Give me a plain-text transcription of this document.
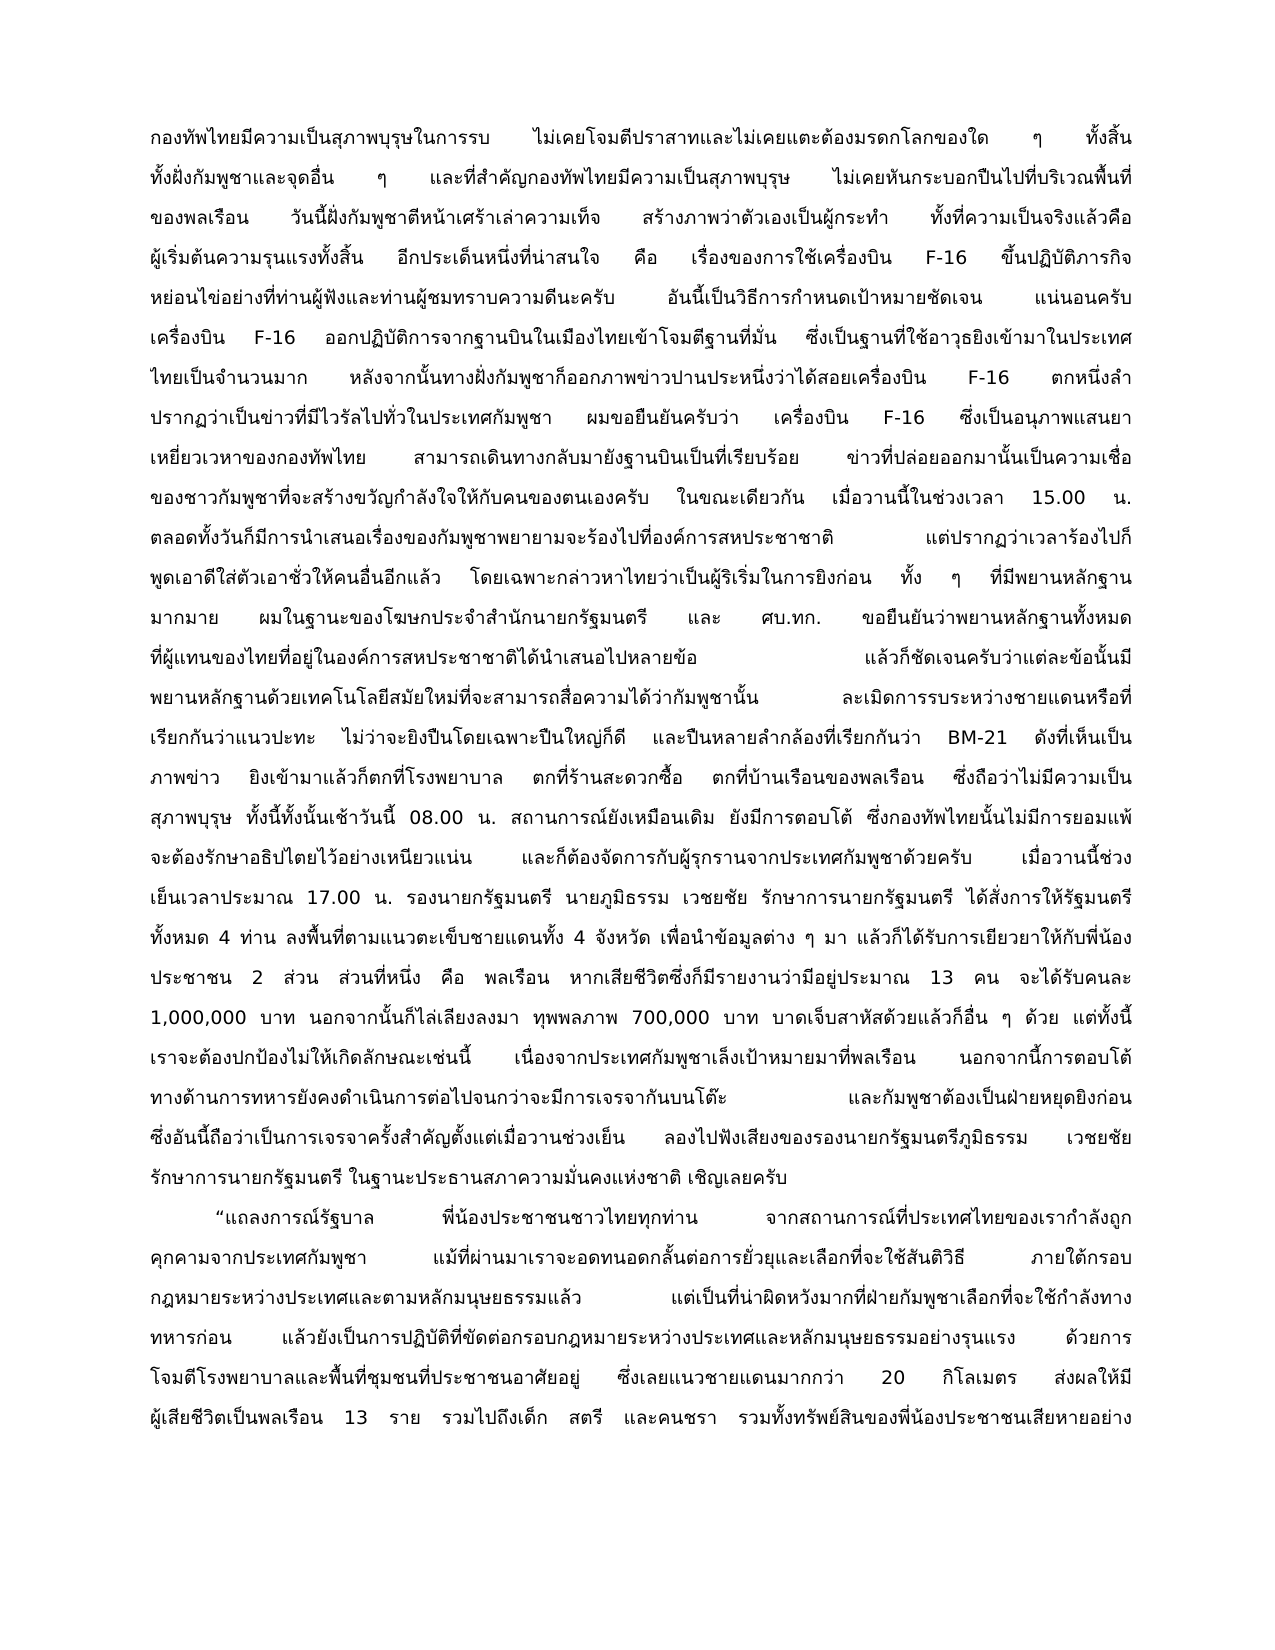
กองทัพไทยมีความเป็นสุภาพบุรุษในการรบ ไม่เคยโจมตีปราสาทและไม่เคยแตะต้องมรดกโลกของใด ๆ ทั้งสิ้น
ทั้งฝั่งกัมพูชาและจุดอื่น ๆ และที่สำคัญกองทัพไทยมีความเป็นสุภาพบุรุษ ไม่เคยหันกระบอกปืนไปที่บริเวณพื้นที่
ของพลเรือน วันนี้ฝั่งกัมพูชาตีหน้าเศร้าเล่าความเท็จ สร้างภาพว่าตัวเองเป็นผู้กระทำ ทั้งที่ความเป็นจริงแล้วคือ
ผู้เริ่มต้นความรุนแรงทั้งสิ้น อีกประเด็นหนึ่งที่น่าสนใจ คือ เรื่องของการใช้เครื่องบิน F-16 ขึ้นปฏิบัติภารกิจ
หย่อนไข่อย่างที่ท่านผู้ฟังและท่านผู้ชมทราบความดีนะครับ อันนี้เป็นวิธีการกำหนดเป้าหมายชัดเจน แน่นอนครับ
เครื่องบิน F-16 ออกปฏิบัติการจากฐานบินในเมืองไทยเข้าโจมตีฐานที่มั่น ซึ่งเป็นฐานที่ใช้อาวุธยิงเข้ามาในประเทศ
ไทยเป็นจำนวนมาก หลังจากนั้นทางฝั่งกัมพูชาก็ออกภาพข่าวปานประหนึ่งว่าได้สอยเครื่องบิน F-16 ตกหนึ่งลำ
ปรากฏว่าเป็นข่าวที่มีไวรัลไปทั่วในประเทศกัมพูชา ผมขอยืนยันครับว่า เครื่องบิน F-16 ซึ่งเป็นอนุภาพแสนยา
เหยี่ยวเวหาของกองทัพไทย สามารถเดินทางกลับมายังฐานบินเป็นที่เรียบร้อย ข่าวที่ปล่อยออกมานั้นเป็นความเชื่อ
ของชาวกัมพูชาที่จะสร้างขวัญกำลังใจให้กับคนของตนเองครับ ในขณะเดียวกัน เมื่อวานนี้ในช่วงเวลา 15.00 น.
ตลอดทั้งวันก็มีการนำเสนอเรื่องของกัมพูชาพยายามจะร้องไปที่องค์การสหประชาชาติ แต่ปรากฏว่าเวลาร้องไปก็
พูดเอาดีใส่ตัวเอาชั่วให้คนอื่นอีกแล้ว โดยเฉพาะกล่าวหาไทยว่าเป็นผู้ริเริ่มในการยิงก่อน ทั้ง ๆ ที่มีพยานหลักฐาน
มากมาย ผมในฐานะของโฆษกประจำสำนักนายกรัฐมนตรี และ ศบ.ทก. ขอยืนยันว่าพยานหลักฐานทั้งหมด
ที่ผู้แทนของไทยที่อยู่ในองค์การสหประชาชาติได้นำเสนอไปหลายข้อ แล้วก็ชัดเจนครับว่าแต่ละข้อนั้นมี
พยานหลักฐานด้วยเทคโนโลยีสมัยใหม่ที่จะสามารถสื่อความได้ว่ากัมพูชานั้น ละเมิดการรบระหว่างชายแดนหรือที่
เรียกกันว่าแนวปะทะ ไม่ว่าจะยิงปืนโดยเฉพาะปืนใหญ่ก็ดี และปืนหลายลำกล้องที่เรียกกันว่า BM-21 ดังที่เห็นเป็น
ภาพข่าว ยิงเข้ามาแล้วก็ตกที่โรงพยาบาล ตกที่ร้านสะดวกซื้อ ตกที่บ้านเรือนของพลเรือน ซึ่งถือว่าไม่มีความเป็น
สุภาพบุรุษ ทั้งนี้ทั้งนั้นเช้าวันนี้ 08.00 น. สถานการณ์ยังเหมือนเดิม ยังมีการตอบโต้ ซึ่งกองทัพไทยนั้นไม่มีการยอมแพ้
จะต้องรักษาอธิปไตยไว้อย่างเหนียวแน่น และก็ต้องจัดการกับผู้รุกรานจากประเทศกัมพูชาด้วยครับ เมื่อวานนี้ช่วง
เย็นเวลาประมาณ 17.00 น. รองนายกรัฐมนตรี นายภูมิธรรม เวชยชัย รักษาการนายกรัฐมนตรี ได้สั่งการให้รัฐมนตรี
ทั้งหมด 4 ท่าน ลงพื้นที่ตามแนวตะเข็บชายแดนทั้ง 4 จังหวัด เพื่อนำข้อมูลต่าง ๆ มา แล้วก็ได้รับการเยียวยาให้กับพี่น้อง
ประชาชน 2 ส่วน ส่วนที่หนึ่ง คือ พลเรือน หากเสียชีวิตซึ่งก็มีรายงานว่ามีอยู่ประมาณ 13 คน จะได้รับคนละ
1,000,000 บาท นอกจากนั้นก็ไล่เลียงลงมา ทุพพลภาพ 700,000 บาท บาดเจ็บสาหัสด้วยแล้วก็อื่น ๆ ด้วย แต่ทั้งนี้
เราจะต้องปกป้องไม่ให้เกิดลักษณะเช่นนี้ เนื่องจากประเทศกัมพูชาเล็งเป้าหมายมาที่พลเรือน นอกจากนี้การตอบโต้
ทางด้านการทหารยังคงดำเนินการต่อไปจนกว่าจะมีการเจรจากันบนโต๊ะ และกัมพูชาต้องเป็นฝ่ายหยุดยิงก่อน
ซึ่งอันนี้ถือว่าเป็นการเจรจาครั้งสำคัญตั้งแต่เมื่อวานช่วงเย็น ลองไปฟังเสียงของรองนายกรัฐมนตรีภูมิธรรม เวชยชัย
รักษาการนายกรัฐมนตรี ในฐานะประธานสภาความมั่นคงแห่งชาติ เชิญเลยครับ
“แถลงการณ์รัฐบาล พี่น้องประชาชนชาวไทยทุกท่าน จากสถานการณ์ที่ประเทศไทยของเรากำลังถูก
คุกคามจากประเทศกัมพูชา แม้ที่ผ่านมาเราจะอดทนอดกลั้นต่อการยั่วยุและเลือกที่จะใช้สันติวิธี ภายใต้กรอบ
กฎหมายระหว่างประเทศและตามหลักมนุษยธรรมแล้ว แต่เป็นที่น่าผิดหวังมากที่ฝ่ายกัมพูชาเลือกที่จะใช้กำลังทาง
ทหารก่อน แล้วยังเป็นการปฏิบัติที่ขัดต่อกรอบกฎหมายระหว่างประเทศและหลักมนุษยธรรมอย่างรุนแรง ด้วยการ
โจมตีโรงพยาบาลและพื้นที่ชุมชนที่ประชาชนอาศัยอยู่ ซึ่งเลยแนวชายแดนมากกว่า 20 กิโลเมตร ส่งผลให้มี
ผู้เสียชีวิตเป็นพลเรือน 13 ราย รวมไปถึงเด็ก สตรี และคนชรา รวมทั้งทรัพย์สินของพี่น้องประชาชนเสียหายอย่าง
